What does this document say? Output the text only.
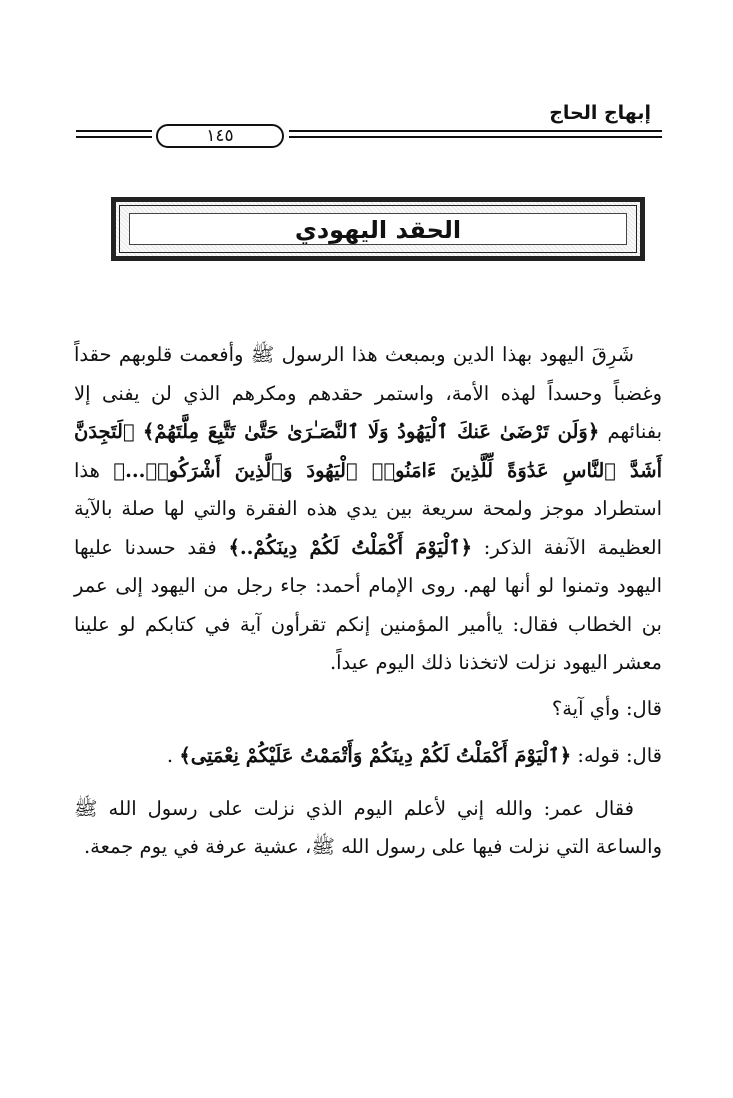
إبهاج الحاج
١٤٥
الحقد اليهودي

شَرِقَ اليهود بهذا الدين وبمبعث هذا الرسول ﷺ وأفعمت قلوبهم حقداً وغضباً وحسداً لهذه الأمة، واستمر حقدهم ومكرهم الذي لن يفنى إلا بفنائهم ﴿وَلَن تَرْضَىٰ عَنكَ ٱلْيَهُودُ وَلَا ٱلنَّصَـٰرَىٰ حَتَّىٰ تَتَّبِعَ مِلَّتَهُمْ﴾ ﴿لَتَجِدَنَّ أَشَدَّ ٱلنَّاسِ عَدَٰوَةً لِّلَّذِينَ ءَامَنُوا۟ ٱلْيَهُودَ وَٱلَّذِينَ أَشْرَكُوا۟...﴾ هذا استطراد موجز ولمحة سريعة بين يدي هذه الفقرة والتي لها صلة بالآية العظيمة الآنفة الذكر: ﴿ٱلْيَوْمَ أَكْمَلْتُ لَكُمْ دِينَكُمْ..﴾ فقد حسدنا عليها اليهود وتمنوا لو أنها لهم. روى الإمام أحمد: جاء رجل من اليهود إلى عمر بن الخطاب فقال: ياأمير المؤمنين إنكم تقرأون آية في كتابكم لو علينا معشر اليهود نزلت لاتخذنا ذلك اليوم عيداً.

قال: وأي آية؟

قال: قوله: ﴿ٱلْيَوْمَ أَكْمَلْتُ لَكُمْ دِينَكُمْ وَأَتْمَمْتُ عَلَيْكُمْ نِعْمَتِى﴾ .

فقال عمر: والله إني لأعلم اليوم الذي نزلت على رسول الله ﷺ والساعة التي نزلت فيها على رسول الله ﷺ، عشية عرفة في يوم جمعة.
